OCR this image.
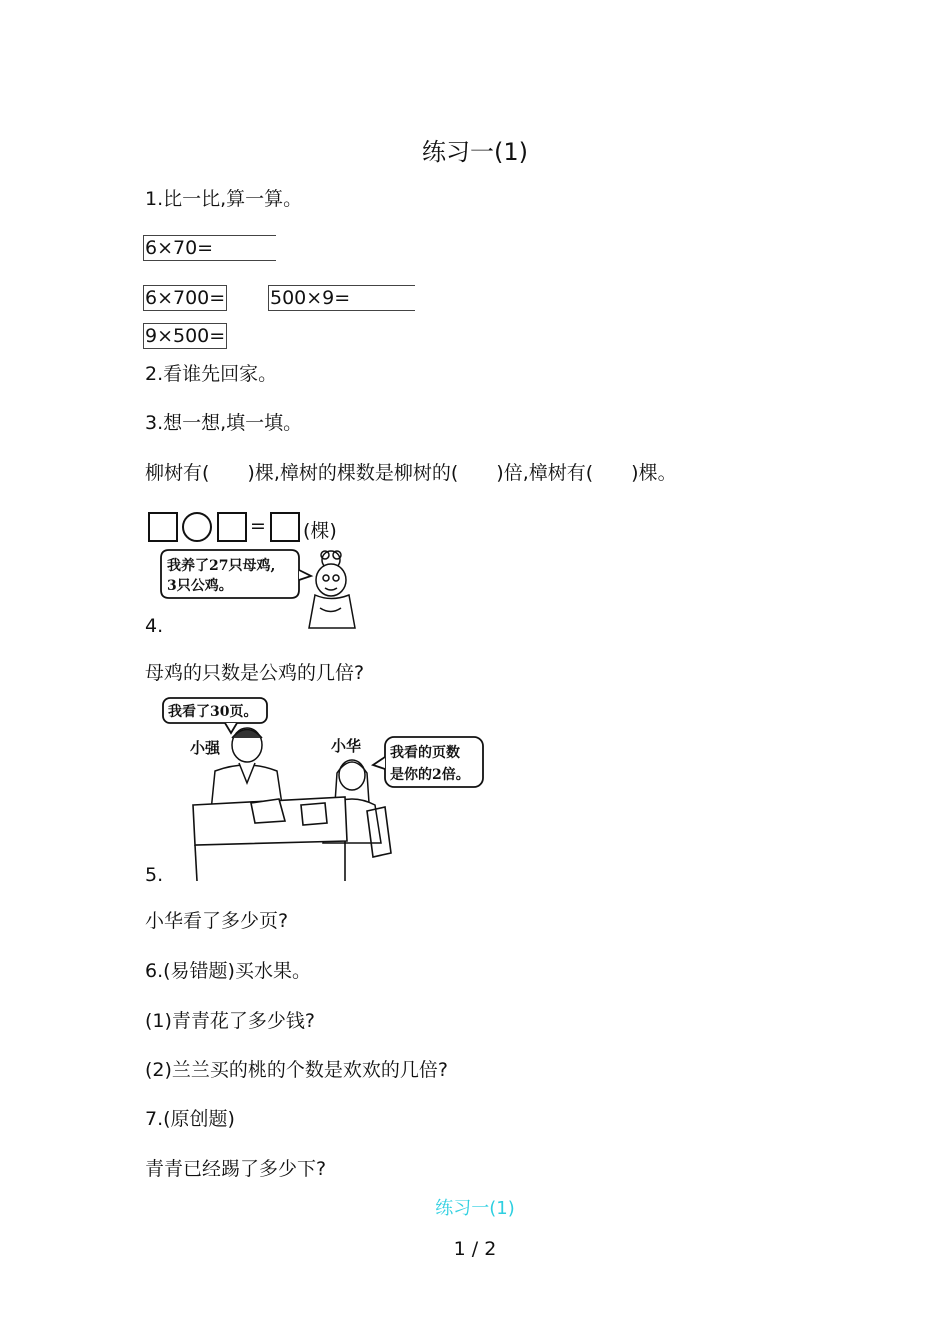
练习一(1)
1.比一比,算一算。
6×70=
6×700= 500×9=
9×500=
2.看谁先回家。
3.想一想,填一填。
柳树有( )棵,樟树的棵数是柳树的( )倍,樟树有( )棵。
= (棵)
我养了27只母鸡,
3只公鸡。
4.
母鸡的只数是公鸡的几倍?
我看了30页。
小强	小华 我看的页数
是你的2倍。
5.
小华看了多少页?
6.(易错题)买水果。
(1)青青花了多少钱?
(2)兰兰买的桃的个数是欢欢的几倍?
7.(原创题)
青青已经踢了多少下?
练习一(1)
1 / 2
